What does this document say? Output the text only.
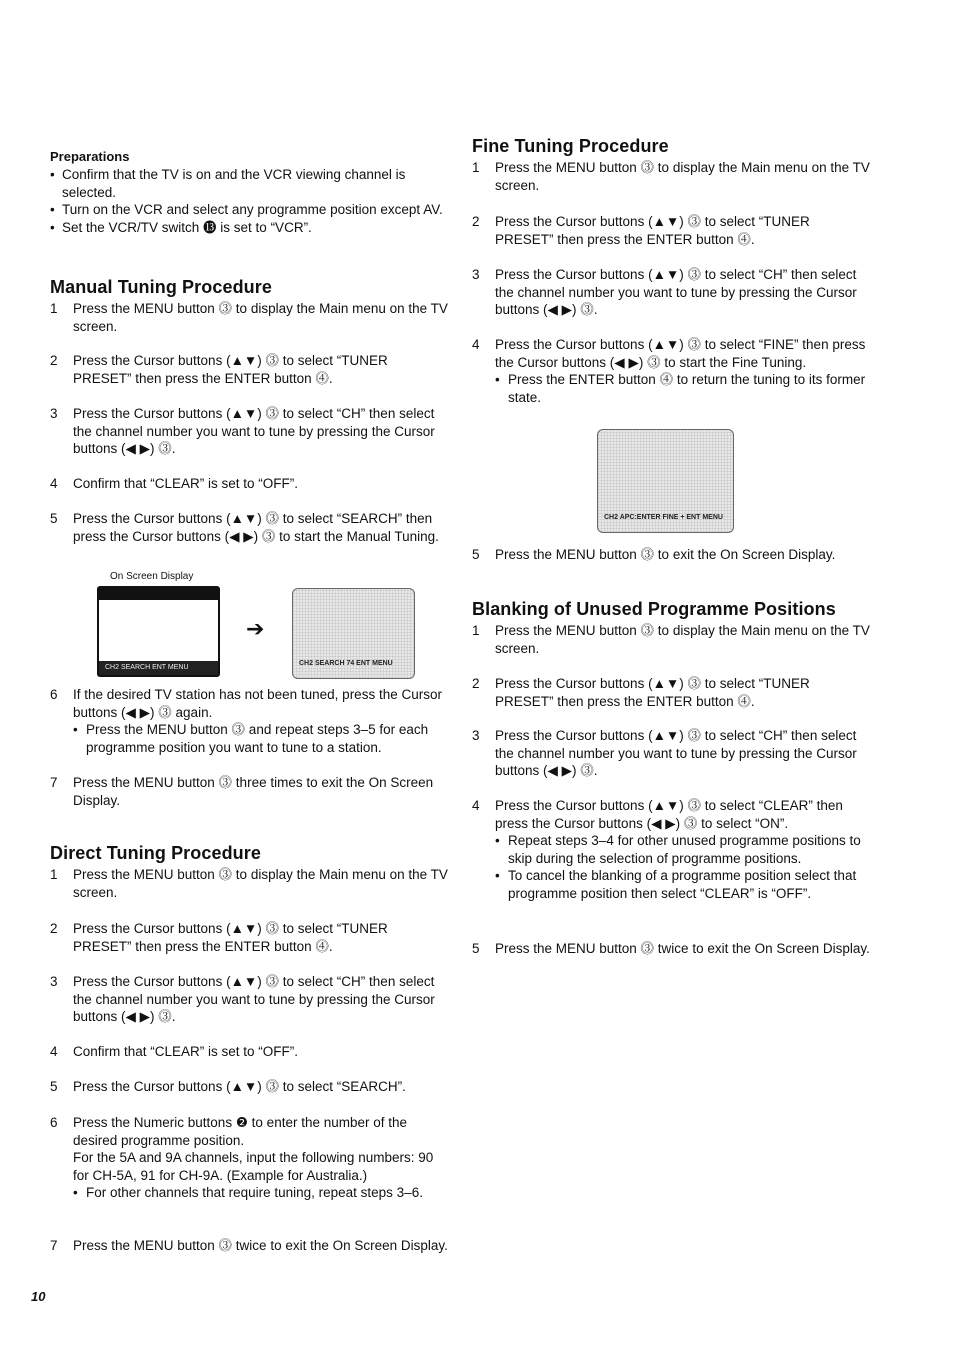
Preparations
• Confirm that the TV is on and the VCR viewing channel is selected.
• Turn on the VCR and select any programme position except AV.
• Set the VCR/TV switch ⓭ is set to “VCR”.
Manual Tuning Procedure
1	Press the MENU button ⓷ to display the Main menu on the TV screen.
2	Press the Cursor buttons (▲▼) ⓷ to select “TUNER PRESET” then press the ENTER button ⓸.
3	Press the Cursor buttons (▲▼) ⓷ to select “CH” then select the channel number you want to tune by pressing the Cursor buttons (◀ ▶) ⓷.
4	Confirm that “CLEAR” is set to “OFF”.
5	Press the Cursor buttons (▲▼) ⓷ to select “SEARCH” then press the Cursor buttons (◀ ▶) ⓷ to start the Manual Tuning.
On Screen Display
CH2 SEARCH ENT MENU
➔
CH2 SEARCH 74 ENT MENU
6	If the desired TV station has not been tuned, press the Cursor buttons (◀ ▶) ⓷ again.
• Press the MENU button ⓷ and repeat steps 3–5 for each programme position you want to tune to a station.
7	Press the MENU button ⓷ three times to exit the On Screen Display.
Direct Tuning Procedure
1	Press the MENU button ⓷ to display the Main menu on the TV screen.
2	Press the Cursor buttons (▲▼) ⓷ to select “TUNER PRESET” then press the ENTER button ⓸.
3	Press the Cursor buttons (▲▼) ⓷ to select “CH” then select the channel number you want to tune by pressing the Cursor buttons (◀ ▶) ⓷.
4	Confirm that “CLEAR” is set to “OFF”.
5	Press the Cursor buttons (▲▼) ⓷ to select “SEARCH”.
6	Press the Numeric buttons ❷ to enter the number of the desired programme position.
For the 5A and 9A channels, input the following numbers: 90 for CH-5A, 91 for CH-9A. (Example for Australia.)
• For other channels that require tuning, repeat steps 3–6.
7	Press the MENU button ⓷ twice to exit the On Screen Display.
10
Fine Tuning Procedure
1	Press the MENU button ⓷ to display the Main menu on the TV screen.
2	Press the Cursor buttons (▲▼) ⓷ to select “TUNER PRESET” then press the ENTER button ⓸.
3	Press the Cursor buttons (▲▼) ⓷ to select “CH” then select the channel number you want to tune by pressing the Cursor buttons (◀ ▶) ⓷.
4	Press the Cursor buttons (▲▼) ⓷ to select “FINE” then press the Cursor buttons (◀ ▶) ⓷ to start the Fine Tuning.
• Press the ENTER button ⓸ to return the tuning to its former state.
CH2 APC:ENTER FINE + ENT MENU
5	Press the MENU button ⓷ to exit the On Screen Display.
Blanking of Unused Programme Positions
1	Press the MENU button ⓷ to display the Main menu on the TV screen.
2	Press the Cursor buttons (▲▼) ⓷ to select “TUNER PRESET” then press the ENTER button ⓸.
3	Press the Cursor buttons (▲▼) ⓷ to select “CH” then select the channel number you want to tune by pressing the Cursor buttons (◀ ▶) ⓷.
4	Press the Cursor buttons (▲▼) ⓷ to select “CLEAR” then press the Cursor buttons (◀ ▶) ⓷ to select “ON”.
• Repeat steps 3–4 for other unused programme positions to skip during the selection of programme positions.
• To cancel the blanking of a programme position select that programme position then select “CLEAR” is “OFF”.
5	Press the MENU button ⓷ twice to exit the On Screen Display.
